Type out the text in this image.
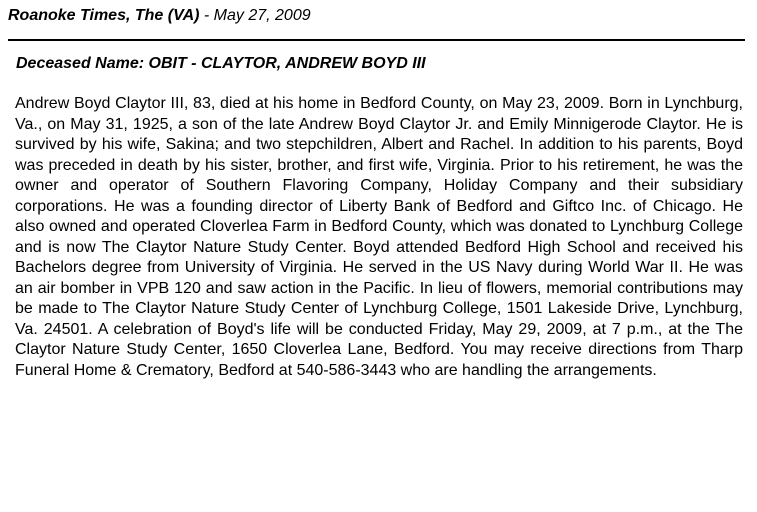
Roanoke Times, The (VA) - May 27, 2009
Deceased Name: OBIT - CLAYTOR, ANDREW BOYD III

Andrew Boyd Claytor III, 83, died at his home in Bedford County, on May 23, 2009. Born in Lynchburg, Va., on May 31, 1925, a son of the late Andrew Boyd Claytor Jr. and Emily Minnigerode Claytor. He is survived by his wife, Sakina; and two stepchildren, Albert and Rachel. In addition to his parents, Boyd was preceded in death by his sister, brother, and first wife, Virginia. Prior to his retirement, he was the owner and operator of Southern Flavoring Company, Holiday Company and their subsidiary corporations. He was a founding director of Liberty Bank of Bedford and Giftco Inc. of Chicago. He also owned and operated Cloverlea Farm in Bedford County, which was donated to Lynchburg College and is now The Claytor Nature Study Center. Boyd attended Bedford High School and received his Bachelors degree from University of Virginia. He served in the US Navy during World War II. He was an air bomber in VPB 120 and saw action in the Pacific. In lieu of flowers, memorial contributions may be made to The Claytor Nature Study Center of Lynchburg College, 1501 Lakeside Drive, Lynchburg, Va. 24501. A celebration of Boyd's life will be conducted Friday, May 29, 2009, at 7 p.m., at the The Claytor Nature Study Center, 1650 Cloverlea Lane, Bedford. You may receive directions from Tharp Funeral Home & Crematory, Bedford at 540-586-3443 who are handling the arrangements.
